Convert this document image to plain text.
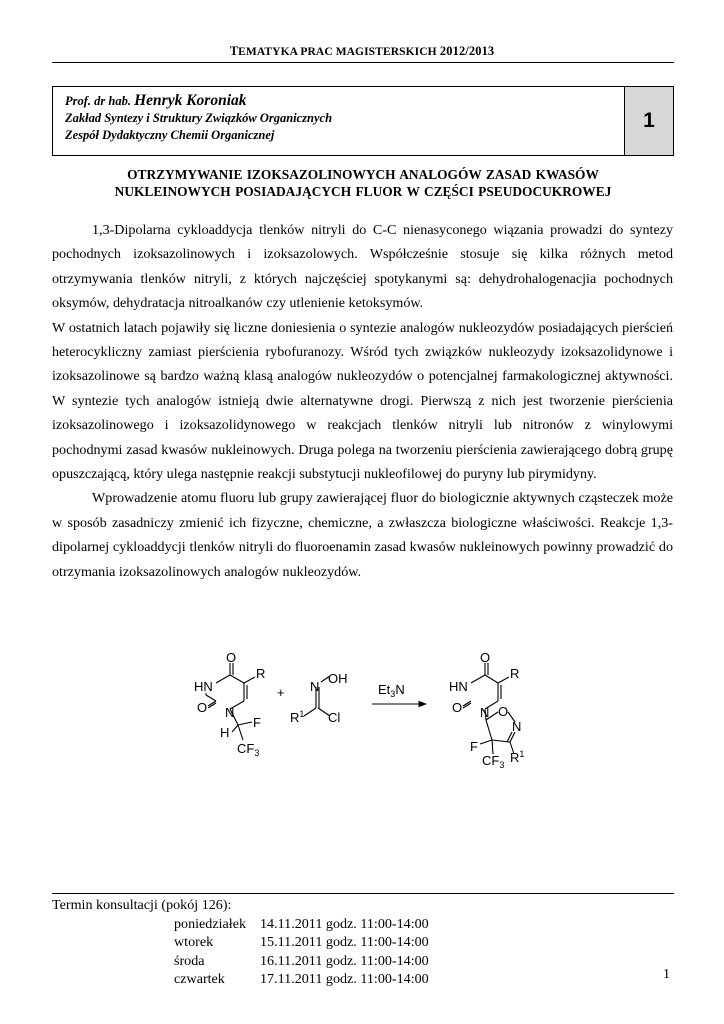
TEMATYKA PRAC MAGISTERSKICH 2012/2013
Prof. dr hab. Henryk Koroniak
Zakład Syntezy i Struktury Związków Organicznych
Zespół Dydaktyczny Chemii Organicznej
1
OTRZYMYWANIE IZOKSAZOLINOWYCH ANALOGÓW ZASAD KWASÓW
NUKLEINOWYCH POSIADAJĄCYCH FLUOR W CZĘŚCI PSEUDOCUKROWEJ

1,3-Dipolarna cykloaddycja tlenków nitryli do C-C nienasyconego wiązania prowadzi do syntezy pochodnych izoksazolinowych i izoksazolowych. Współcześnie stosuje się kilka różnych metod otrzymywania tlenków nitryli, z których najczęściej spotykanymi są: dehydrohalogenacjia pochodnych oksymów, dehydratacja nitroalkanów czy utlenienie ketoksymów.

W ostatnich latach pojawiły się liczne doniesienia o syntezie analogów nukleozydów posiadających pierścień heterocykliczny zamiast pierścienia rybofuranozy. Wśród tych związków nukleozydy izoksazolidynowe i izoksazolinowe są bardzo ważną klasą analogów nukleozydów o potencjalnej farmakologicznej aktywności. W syntezie tych analogów istnieją dwie alternatywne drogi. Pierwszą z nich jest tworzenie pierścienia izoksazolinowego i izoksazolidynowego w reakcjach tlenków nitryli lub nitronów z winylowymi pochodnymi zasad kwasów nukleinowych. Druga polega na tworzeniu pierścienia zawierającego dobrą grupę opuszczającą, który ulega następnie reakcji substytucji nukleofilowej do puryny lub pirymidyny.

Wprowadzenie atomu fluoru lub grupy zawierającej fluor do biologicznie aktywnych cząsteczek może w sposób zasadniczy zmienić ich fizyczne, chemiczne, a zwłaszcza biologiczne właściwości. Reakcje 1,3-dipolarnej cykloaddycji tlenków nitryli do fluoroenamin zasad kwasów nukleinowych powinny prowadzić do otrzymania izoksazolinowych analogów nukleozydów.

O
HN
R
O N
F
H
$CF_3$
+ N
OH
$R^1$ Cl
$Et_3N$
O
HN
R
O N O
N
F
$CF_3$ $R^1$
Termin konsultacji (pokój 126):
poniedziałek 14.11.2011 godz. 11:00-14:00
wtorek	15.11.2011 godz. 11:00-14:00
środa	16.11.2011 godz. 11:00-14:00
czwartek	17.11.2011 godz. 11:00-14:00	1
